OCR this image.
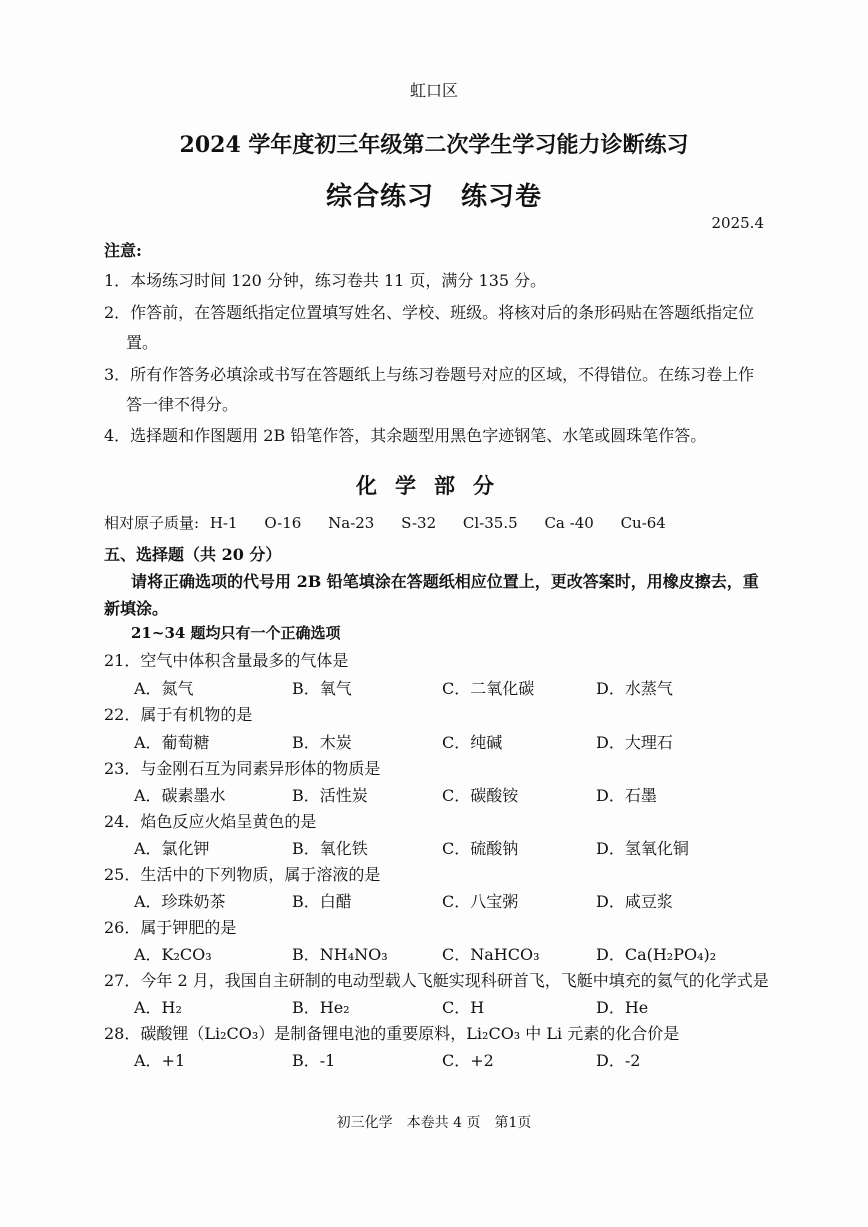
虹口区
2024 学年度初三年级第二次学生学习能力诊断练习
综合练习　练习卷
2025.4
注意:
1．本场练习时间 120 分钟，练习卷共 11 页，满分 135 分。
2．作答前，在答题纸指定位置填写姓名、学校、班级。将核对后的条形码贴在答题纸指定位
置。
3．所有作答务必填涂或书写在答题纸上与练习卷题号对应的区域，不得错位。在练习卷上作
答一律不得分。
4．选择题和作图题用 2B 铅笔作答，其余题型用黑色字迹钢笔、水笔或圆珠笔作答。
化学部分
相对原子质量: H-1 O-16 Na-23 S-32 Cl-35.5 Ca -40 Cu-64
五、选择题（共 20 分）
请将正确选项的代号用 2B 铅笔填涂在答题纸相应位置上，更改答案时，用橡皮擦去，重
新填涂。
21~34 题均只有一个正确选项
21．空气中体积含量最多的气体是
A．氮气	B．氧气	C．二氧化碳	D．水蒸气
22．属于有机物的是
A．葡萄糖	B．木炭	C．纯碱	D．大理石
23．与金刚石互为同素异形体的物质是
A．碳素墨水	B．活性炭	C．碳酸铵	D．石墨
24．焰色反应火焰呈黄色的是
A．氯化钾	B．氧化铁	C．硫酸钠	D．氢氧化铜
25．生活中的下列物质，属于溶液的是
A．珍珠奶茶	B．白醋	C．八宝粥	D．咸豆浆
26．属于钾肥的是
A．K₂CO₃	B．NH₄NO₃	C．NaHCO₃	D．Ca(H₂PO₄)₂
27．今年 2 月，我国自主研制的电动型载人飞艇实现科研首飞，飞艇中填充的氦气的化学式是
A．H₂	B．He₂	C．H	D．He
28．碳酸锂（Li₂CO₃）是制备锂电池的重要原料，Li₂CO₃ 中 Li 元素的化合价是
A．+1	B．-1	C．+2	D．-2
初三化学　本卷共 4 页　第1页
